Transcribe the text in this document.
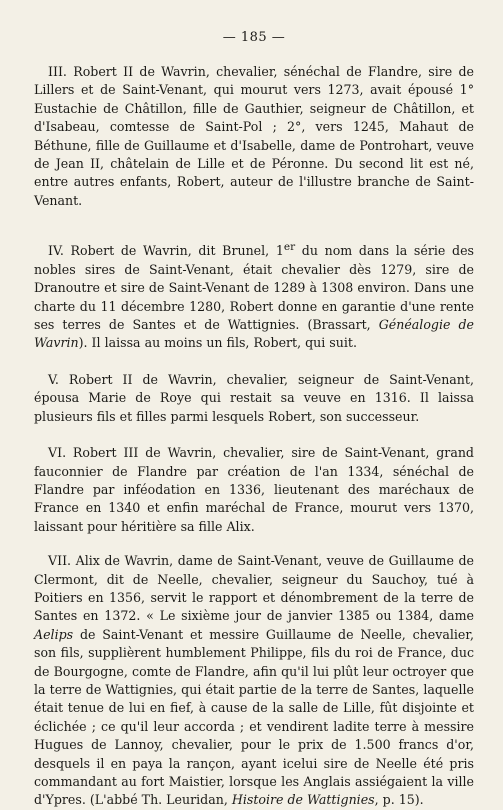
— 185 —

III. Robert II de Wavrin, chevalier, sénéchal de Flandre, sire de Lillers et de Saint-Venant, qui mourut vers 1273, avait épousé 1° Eustachie de Châtillon, fille de Gauthier, seigneur de Châtillon, et d'Isabeau, comtesse de Saint-Pol ; 2°, vers 1245, Mahaut de Béthune, fille de Guillaume et d'Isabelle, dame de Pontrohart, veuve de Jean II, châtelain de Lille et de Péronne. Du second lit est né, entre autres enfants, Robert, auteur de l'illustre branche de Saint-Venant.

IV. Robert de Wavrin, dit Brunel, 1er du nom dans la série des nobles sires de Saint-Venant, était chevalier dès 1279, sire de Dranoutre et sire de Saint-Venant de 1289 à 1308 environ. Dans une charte du 11 décembre 1280, Robert donne en garantie d'une rente ses terres de Santes et de Wattignies. (Brassart, Généalogie de Wavrin). Il laissa au moins un fils, Robert, qui suit.

V. Robert II de Wavrin, chevalier, seigneur de Saint-Venant, épousa Marie de Roye qui restait sa veuve en 1316. Il laissa plusieurs fils et filles parmi lesquels Robert, son successeur.

VI. Robert III de Wavrin, chevalier, sire de Saint-Venant, grand fauconnier de Flandre par création de l'an 1334, sénéchal de Flandre par inféodation en 1336, lieutenant des maréchaux de France en 1340 et enfin maréchal de France, mourut vers 1370, laissant pour héritière sa fille Alix.

VII. Alix de Wavrin, dame de Saint-Venant, veuve de Guillaume de Clermont, dit de Neelle, chevalier, seigneur du Sauchoy, tué à Poitiers en 1356, servit le rapport et dénombrement de la terre de Santes en 1372. « Le sixième jour de janvier 1385 ou 1384, dame Aelips de Saint-Venant et messire Guillaume de Neelle, chevalier, son fils, supplièrent humblement Philippe, fils du roi de France, duc de Bourgogne, comte de Flandre, afin qu'il lui plût leur octroyer que la terre de Wattignies, qui était partie de la terre de Santes, laquelle était tenue de lui en fief, à cause de la salle de Lille, fût disjointe et éclichée ; ce qu'il leur accorda ; et vendirent ladite terre à messire Hugues de Lannoy, chevalier, pour le prix de 1.500 francs d'or, desquels il en paya la rançon, ayant icelui sire de Neelle été pris commandant au fort Maistier, lorsque les Anglais assiégaient la ville d'Ypres. (L'abbé Th. Leuridan, Histoire de Wattignies, p. 15).
